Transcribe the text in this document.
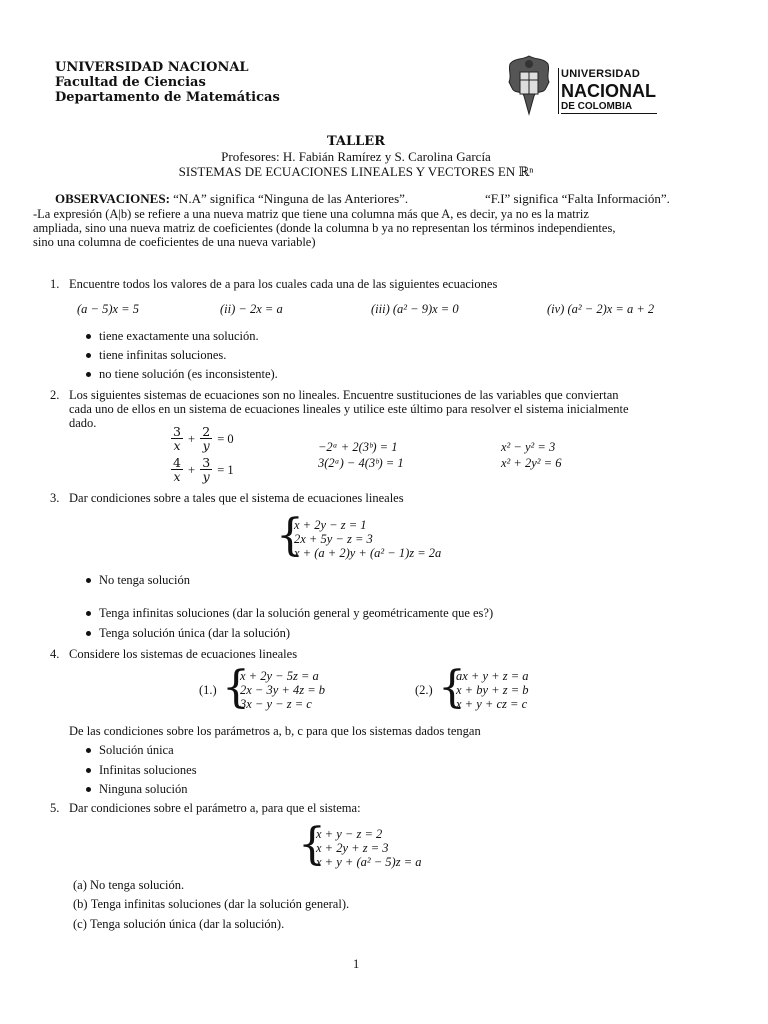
UNIVERSIDAD NACIONAL
Facultad de Ciencias
Departamento de Matemáticas
UNIVERSIDAD
NACIONAL
DE COLOMBIA
TALLER
Profesores: H. Fabián Ramírez y S. Carolina García
SISTEMAS DE ECUACIONES LINEALES Y VECTORES EN ℝⁿ
OBSERVACIONES: “N.A” significa “Ninguna de las Anteriores”.	“F.I” significa “Falta Información”.
-La expresión (A|b) se refiere a una nueva matriz que tiene una columna más que A, es decir, ya no es la matriz
ampliada, sino una nueva matriz de coeficientes (donde la columna b ya no representan los términos independientes,
sino una columna de coeficientes de una nueva variable)
1. Encuentre todos los valores de a para los cuales cada una de las siguientes ecuaciones
(a − 5)x = 5	(ii) − 2x = a	(iii) (a² − 9)x = 0	(iv) (a² − 2)x = a + 2
tiene exactamente una solución.
tiene infinitas soluciones.
no tiene solución (es inconsistente).
2. Los siguientes sistemas de ecuaciones son no lineales. Encuentre sustituciones de las variables que conviertan
cada uno de ellos en un sistema de ecuaciones lineales y utilice este último para resolver el sistema inicialmente
dado.
$\frac{3}{x} + \frac{2}{y} = 0$
$\frac{4}{x} + \frac{3}{y} = 1$
−2ᵃ + 2(3ᵇ) = 1
3(2ᵃ) − 4(3ᵇ) = 1
x² − y² = 3
x² + 2y² = 6
3. Dar condiciones sobre a tales que el sistema de ecuaciones lineales
{
x + 2y − z = 1
2x + 5y − z = 3
x + (a + 2)y + (a² − 1)z = 2a
No tenga solución
Tenga infinitas soluciones (dar la solución general y geométricamente que es?)
Tenga solución única (dar la solución)
4. Considere los sistemas de ecuaciones lineales
(1.) {
x + 2y − 5z = a
2x − 3y + 4z = b
3x − y − z = c
(2.) {
ax + y + z = a
x + by + z = b
x + y + cz = c
De las condiciones sobre los parámetros a, b, c para que los sistemas dados tengan
Solución única
Infinitas soluciones
Ninguna solución
5. Dar condiciones sobre el parámetro a, para que el sistema:
{
x + y − z = 2
x + 2y + z = 3
x + y + (a² − 5)z = a
(a) No tenga solución.
(b) Tenga infinitas soluciones (dar la solución general).
(c) Tenga solución única (dar la solución).
1
